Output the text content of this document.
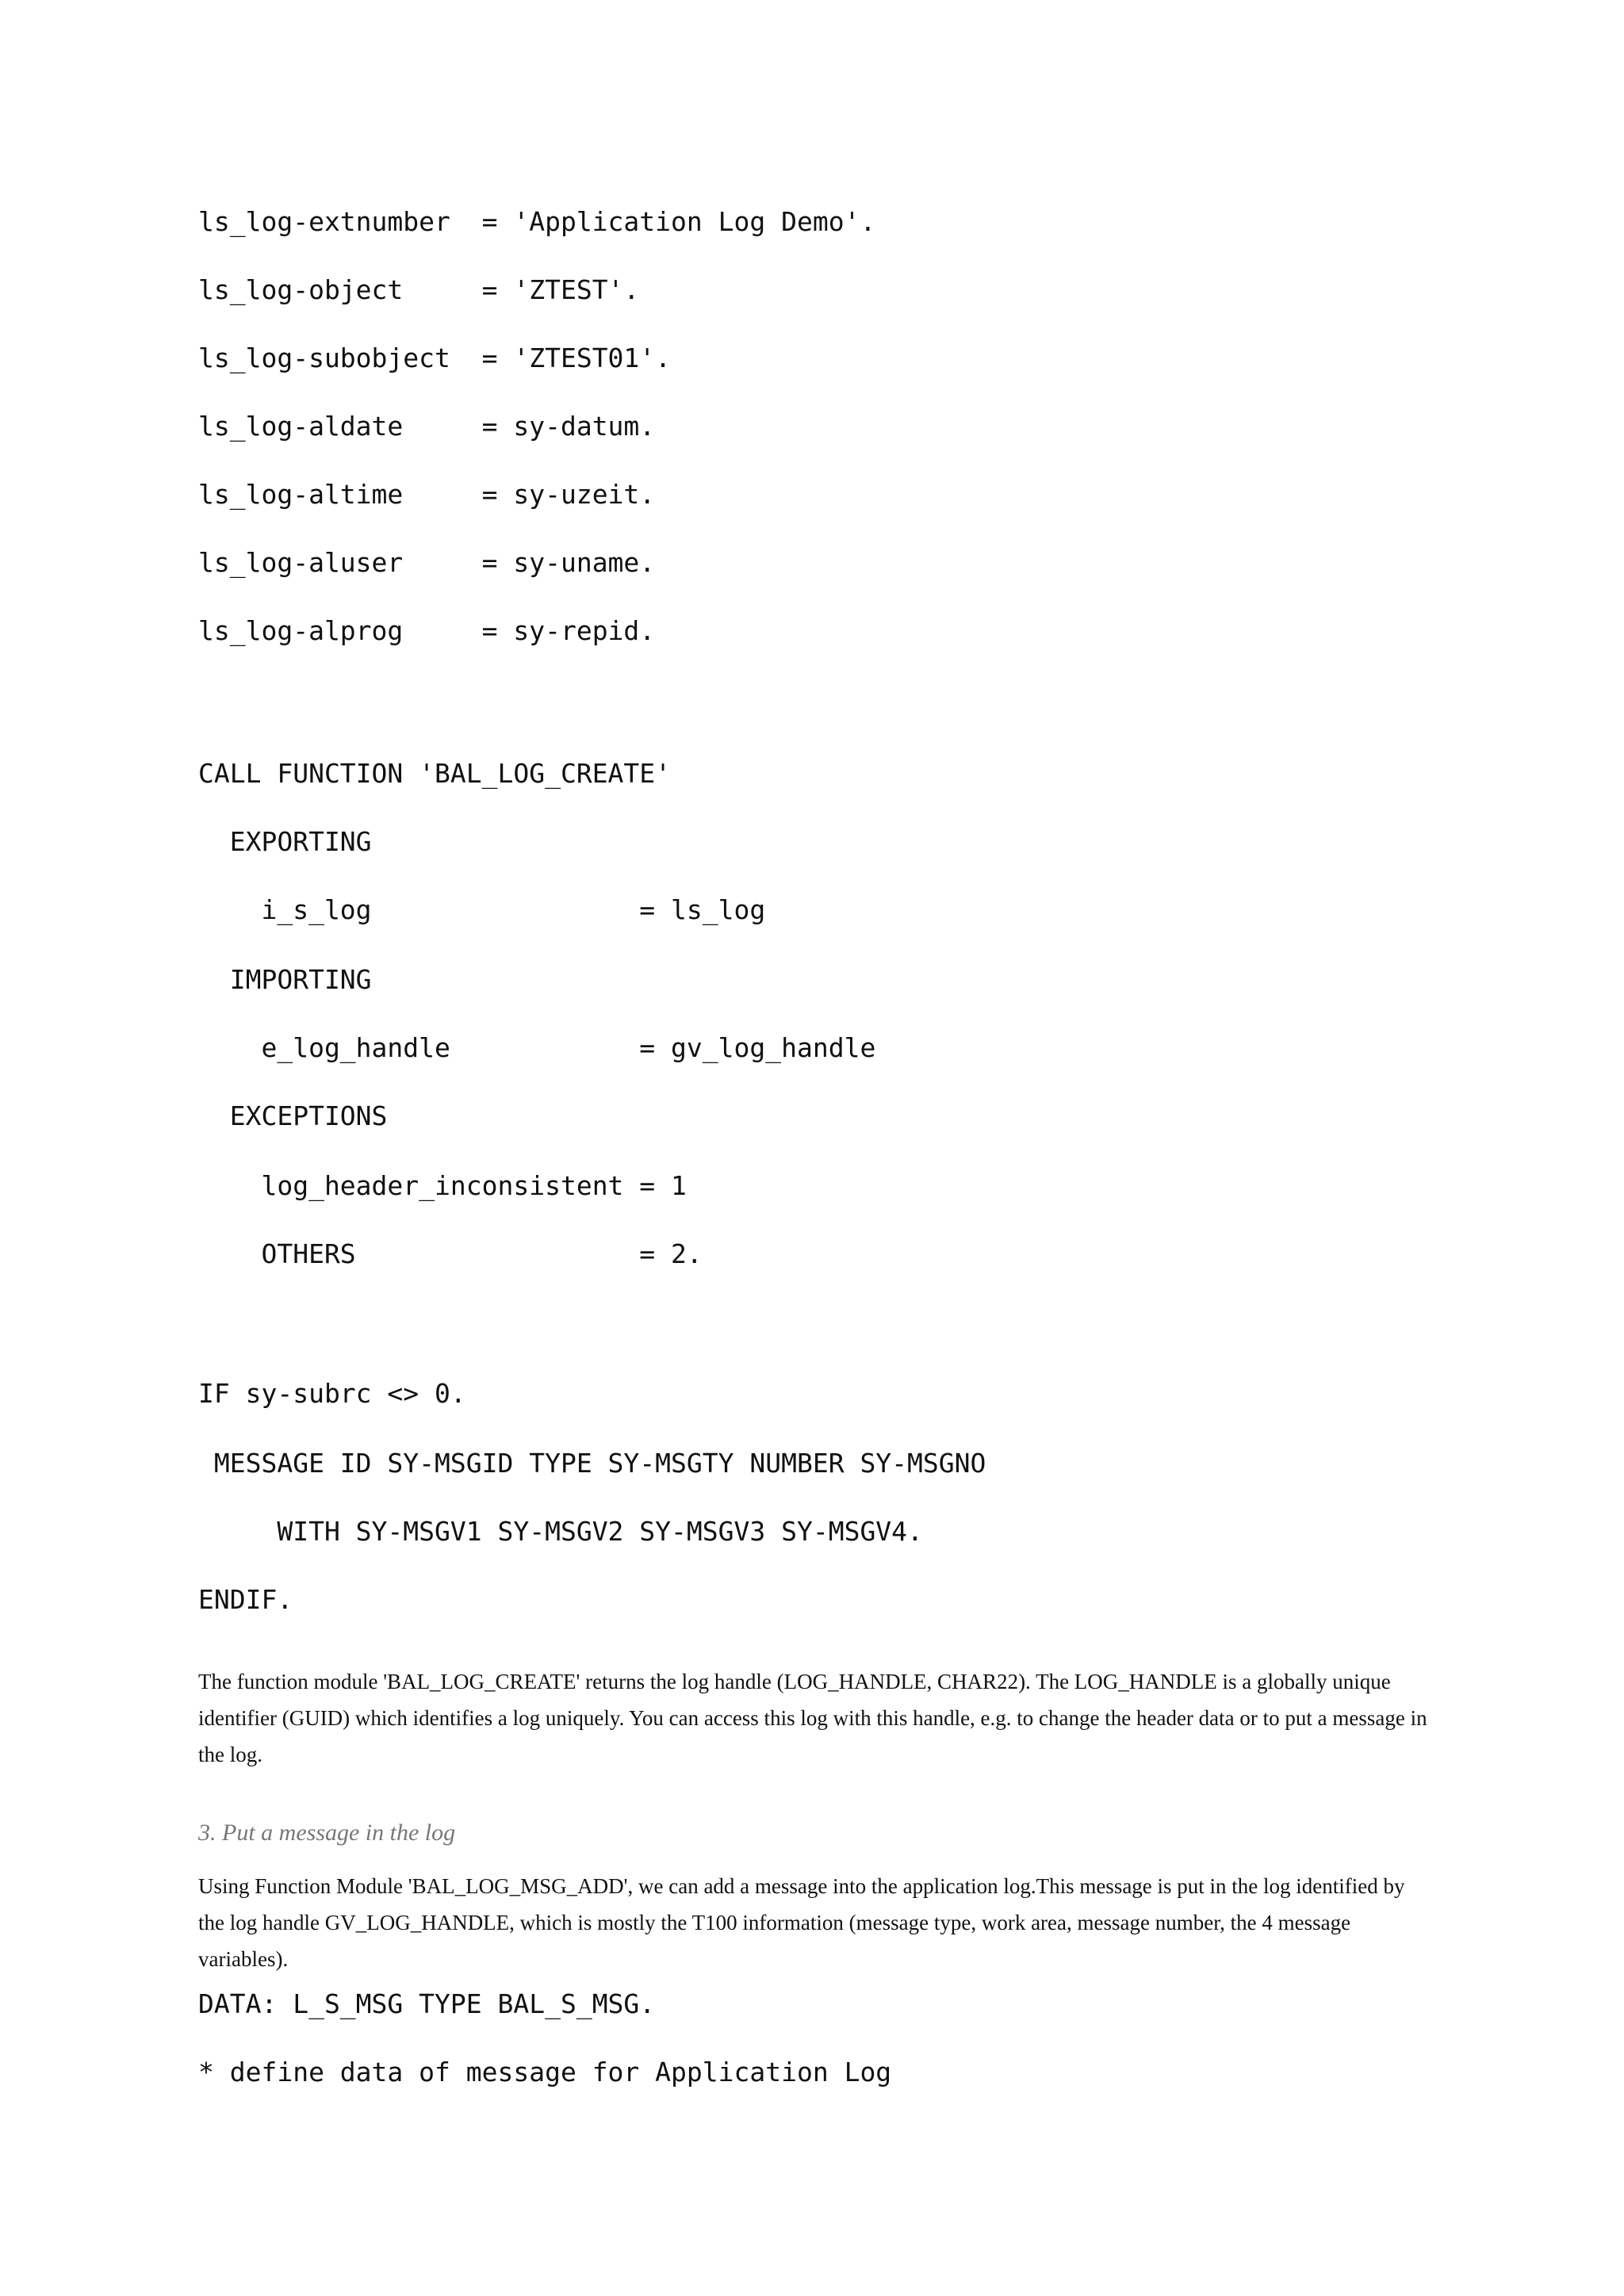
ls_log-extnumber  = 'Application Log Demo'.
ls_log-object     = 'ZTEST'.
ls_log-subobject  = 'ZTEST01'.
ls_log-aldate     = sy-datum.
ls_log-altime     = sy-uzeit.
ls_log-aluser     = sy-uname.
ls_log-alprog     = sy-repid.
CALL FUNCTION 'BAL_LOG_CREATE'
EXPORTING
i_s_log                 = ls_log
IMPORTING
e_log_handle            = gv_log_handle
EXCEPTIONS
log_header_inconsistent = 1
OTHERS                  = 2.
IF sy-subrc <> 0.
MESSAGE ID SY-MSGID TYPE SY-MSGTY NUMBER SY-MSGNO
WITH SY-MSGV1 SY-MSGV2 SY-MSGV3 SY-MSGV4.
ENDIF.

The function module 'BAL_LOG_CREATE' returns the log handle (LOG_HANDLE, CHAR22). The LOG_HANDLE is a globally unique identifier (GUID) which identifies a log uniquely. You can access this log with this handle, e.g. to change the header data or to put a message in the log.

3. Put a message in the log

Using Function Module 'BAL_LOG_MSG_ADD', we can add a message into the application log.This message is put in the log identified by the log handle GV_LOG_HANDLE, which is mostly the T100 information (message type, work area, message number, the 4 message variables).

DATA: L_S_MSG TYPE BAL_S_MSG.
* define data of message for Application Log
